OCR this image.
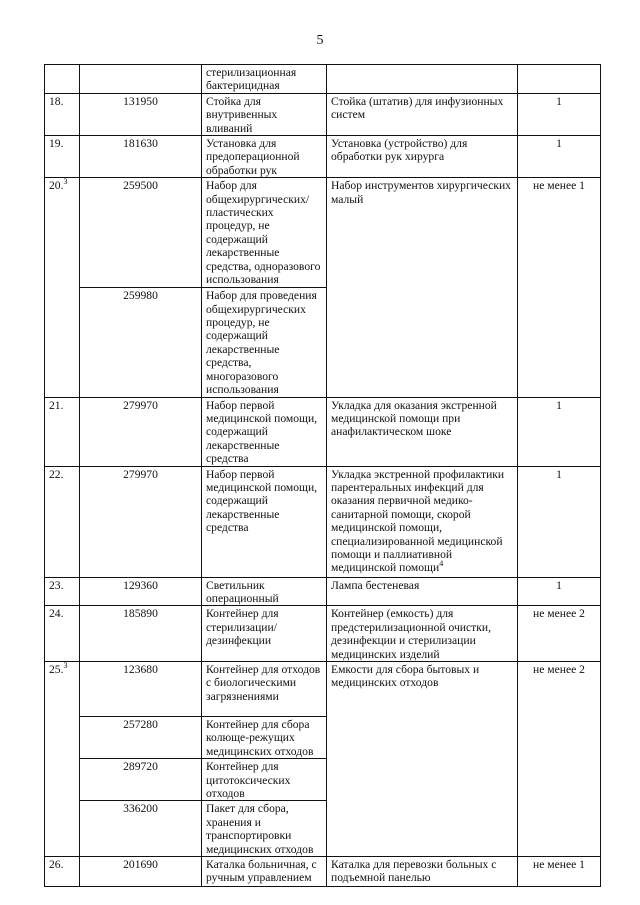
5
		стерилизационная бактерицидная		
18.	131950	Стойка для внутривенных вливаний	Стойка (штатив) для инфузионных систем	1
19.	181630	Установка для предоперационной обработки рук	Установка (устройство) для обработки рук хирурга	1
20.$^3$	259500	Набор для общехирургических/пластических процедур, не содержащий лекарственные средства, одноразового использования	Набор инструментов хирургических малый	не менее 1
	259980	Набор для проведения общехирургических процедур, не содержащий лекарственные средства, многоразового использования		
21.	279970	Набор первой медицинской помощи, содержащий лекарственные средства	Укладка для оказания экстренной медицинской помощи при анафилактическом шоке	1
22.	279970	Набор первой медицинской помощи, содержащий лекарственные средства	Укладка экстренной профилактики парентеральных инфекций для оказания первичной медико-санитарной помощи, скорой медицинской помощи, специализированной медицинской помощи и паллиативной медицинской помощи$^4$	1
23.	129360	Светильник операционный	Лампа бестеневая	1
24.	185890	Контейнер для стерилизации/дезинфекции	Контейнер (емкость) для предстерилизационной очистки, дезинфекции и стерилизации медицинских изделий	не менее 2
25.$^3$	123680	Контейнер для отходов с биологическими загрязнениями	Емкости для сбора бытовых и медицинских отходов	не менее 2
	257280	Контейнер для сбора колюще-режущих медицинских отходов		
	289720	Контейнер для цитотоксических отходов		
	336200	Пакет для сбора, хранения и транспортировки медицинских отходов		
26.	201690	Каталка больничная, с ручным управлением	Каталка для перевозки больных с подъемной панелью	не менее 1
